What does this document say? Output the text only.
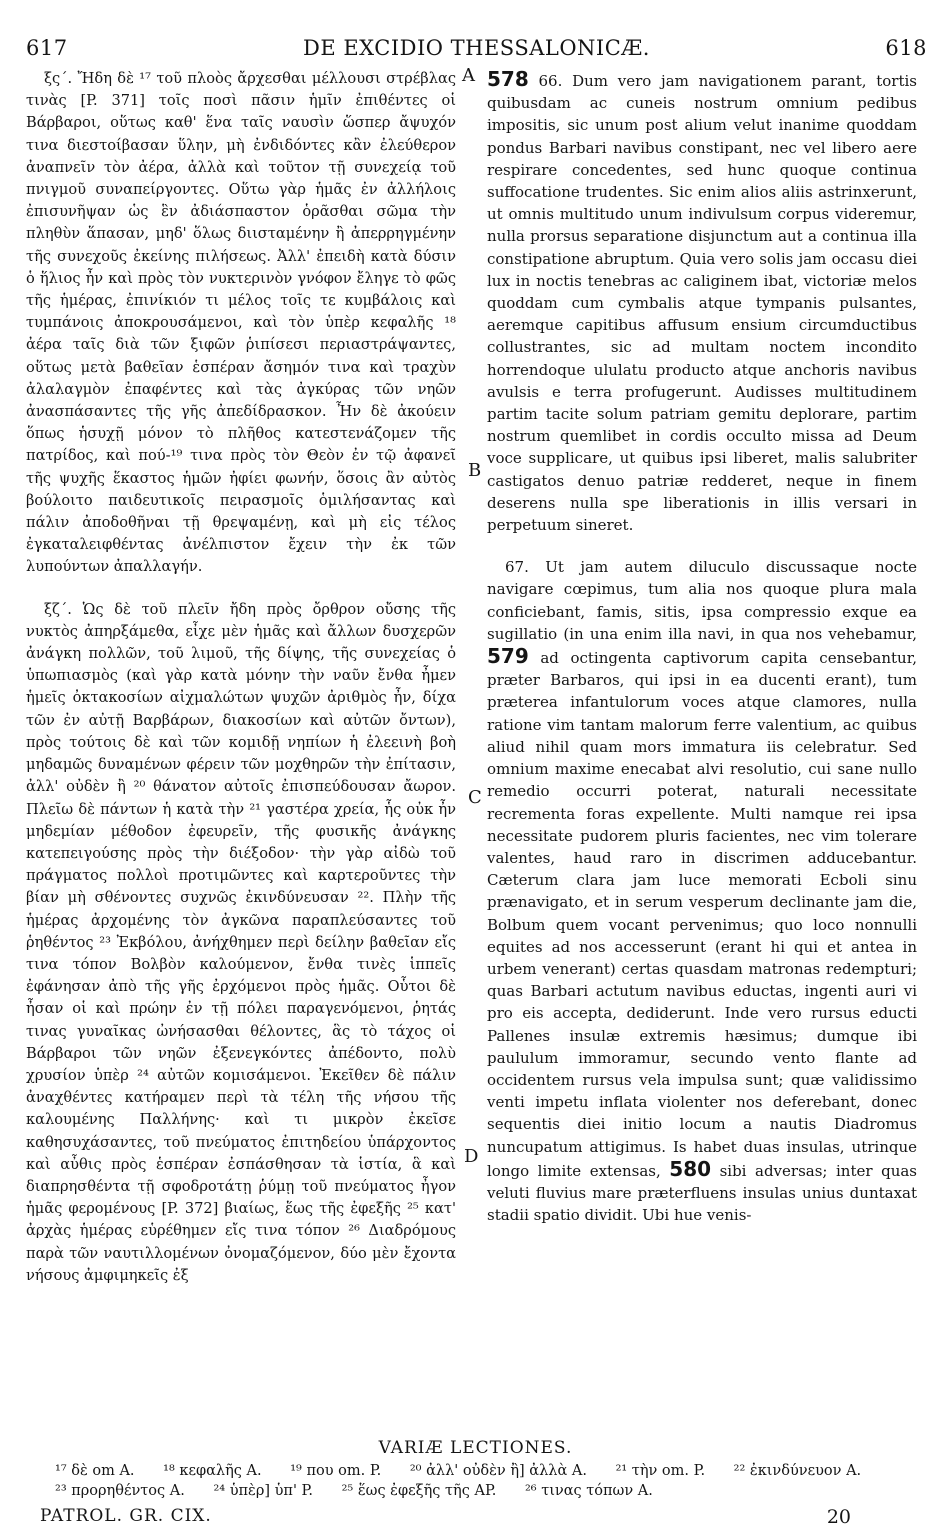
617	DE EXCIDIO THESSALONICÆ.	618

ξς΄. Ἤδη δὲ ¹⁷ τοῦ πλοὸς ἄρχεσθαι μέλλουσι στρέβλας τινὰς [P. 371] τοῖς ποσὶ πᾶσιν ἡμῖν ἐπιθέντες οἱ Βάρβαροι, οὕτως καθ' ἕνα ταῖς ναυσὶν ὥσπερ ἄψυχόν τινα διεστοίβασαν ὕλην, μὴ ἐνδιδόντες κἂν ἐλεύθερον ἀναπνεῖν τὸν ἀέρα, ἀλλὰ καὶ τοῦτον τῇ συνεχείᾳ τοῦ πνιγμοῦ συναπείργοντες. Οὕτω γὰρ ἡμᾶς ἐν ἀλλήλοις ἐπισυνῆψαν ὡς ἓν ἀδιάσπαστον ὁρᾶσθαι σῶμα τὴν πληθὺν ἅπασαν, μηδ' ὅλως διισταμένην ἢ ἀπερρηγμένην τῆς συνεχοῦς ἐκείνης πιλήσεως. Ἀλλ' ἐπειδὴ κατὰ δύσιν ὁ ἥλιος ἦν καὶ πρὸς τὸν νυκτερινὸν γνόφον ἔληγε τὸ φῶς τῆς ἡμέρας, ἐπινίκιόν τι μέλος τοῖς τε κυμβάλοις καὶ τυμπάνοις ἀποκρουσάμενοι, καὶ τὸν ὑπὲρ κεφαλῆς ¹⁸ ἀέρα ταῖς διὰ τῶν ξιφῶν ῥιπίσεσι περιαστράψαντες, οὕτως μετὰ βαθεῖαν ἑσπέραν ἄσημόν τινα καὶ τραχὺν ἀλαλαγμὸν ἐπαφέντες καὶ τὰς ἀγκύρας τῶν νηῶν ἀνασπάσαντες τῆς γῆς ἀπεδίδρασκον. Ἦν δὲ ἀκούειν ὅπως ἡσυχῇ μόνον τὸ πλῆθος κατεστενάζομεν τῆς πατρίδος, καὶ πού-¹⁹ τινα πρὸς τὸν Θεὸν ἐν τῷ ἀφανεῖ τῆς ψυχῆς ἕκαστος ἡμῶν ἠφίει φωνήν, ὅσοις ἂν αὐτὸς βούλοιτο παιδευτικοῖς πειρασμοῖς ὁμιλήσαντας καὶ πάλιν ἀποδοθῆναι τῇ θρεψαμένῃ, καὶ μὴ εἰς τέλος ἐγκαταλειφθέντας ἀνέλπιστον ἔχειν τὴν ἐκ τῶν λυπούντων ἀπαλλαγήν.

ξζ΄. Ὡς δὲ τοῦ πλεῖν ἤδη πρὸς ὄρθρον οὔσης τῆς νυκτὸς ἀπηρξάμεθα, εἶχε μὲν ἡμᾶς καὶ ἄλλων δυσχερῶν ἀνάγκη πολλῶν, τοῦ λιμοῦ, τῆς δίψης, τῆς συνεχείας ὁ ὑπωπιασμὸς (καὶ γὰρ κατὰ μόνην τὴν ναῦν ἔνθα ἦμεν ἡμεῖς ὀκτακοσίων αἰχμαλώτων ψυχῶν ἀριθμὸς ἦν, δίχα τῶν ἐν αὐτῇ Βαρβάρων, διακοσίων καὶ αὐτῶν ὄντων), πρὸς τούτοις δὲ καὶ τῶν κομιδῇ νηπίων ἡ ἐλεεινὴ βοὴ μηδαμῶς δυναμένων φέρειν τῶν μοχθηρῶν τὴν ἐπίτασιν, ἀλλ' οὐδὲν ἢ ²⁰ θάνατον αὐτοῖς ἐπισπεύδουσαν ἄωρον. Πλεῖω δὲ πάντων ἡ κατὰ τὴν ²¹ γαστέρα χρεία, ἧς οὐκ ἦν μηδεμίαν μέθοδον ἐφευρεῖν, τῆς φυσικῆς ἀνάγκης κατεπειγούσης πρὸς τὴν διέξοδον· τὴν γὰρ αἰδὼ τοῦ πράγματος πολλοὶ προτιμῶντες καὶ καρτεροῦντες τὴν βίαν μὴ σθένοντες συχνῶς ἐκινδύνευσαν ²². Πλὴν τῆς ἡμέρας ἀρχομένης τὸν ἀγκῶνα παραπλεύσαντες τοῦ ῥηθέντος ²³ Ἐκβόλου, ἀνήχθημεν περὶ δείλην βαθεῖαν εἴς τινα τόπον Βολβὸν καλούμενον, ἔνθα τινὲς ἱππεῖς ἐφάνησαν ἀπὸ τῆς γῆς ἐρχόμενοι πρὸς ἡμᾶς. Οὗτοι δὲ ἦσαν οἱ καὶ πρώην ἐν τῇ πόλει παραγενόμενοι, ῥητάς τινας γυναῖκας ὠνήσασθαι θέλοντες, ἃς τὸ τάχος οἱ Βάρβαροι τῶν νηῶν ἐξενεγκόντες ἀπέδοντο, πολὺ χρυσίον ὑπὲρ ²⁴ αὐτῶν κομισάμενοι. Ἐκεῖθεν δὲ πάλιν ἀναχθέντες κατήραμεν περὶ τὰ τέλη τῆς νήσου τῆς καλουμένης Παλλήνης· καὶ τι μικρὸν ἐκεῖσε καθησυχάσαντες, τοῦ πνεύματος ἐπιτηδείου ὑπάρχοντος καὶ αὖθις πρὸς ἑσπέραν ἐσπάσθησαν τὰ ἱστία, ἃ καὶ διαπρησθέντα τῇ σφοδροτάτῃ ῥύμῃ τοῦ πνεύματος ἦγον ἡμᾶς φερομένους [P. 372] βιαίως, ἕως τῆς ἐφεξῆς ²⁵ κατ' ἀρχὰς ἡμέρας εὑρέθημεν εἴς τινα τόπον ²⁶ Διαδρόμους παρὰ τῶν ναυτιλλομένων ὀνομαζόμενον, δύο μὲν ἔχοντα νήσους ἀμφιμηκεῖς ἐξ

A
B
C
D

578 66. Dum vero jam navigationem parant, tortis quibusdam ac cuneis nostrum omnium pedibus impositis, sic unum post alium velut inanime quoddam pondus Barbari navibus constipant, nec vel libero aere respirare concedentes, sed hunc quoque continua suffocatione trudentes. Sic enim alios aliis astrinxerunt, ut omnis multitudo unum indivulsum corpus videremur, nulla prorsus separatione disjunctum aut a continua illa constipatione abruptum. Quia vero solis jam occasu diei lux in noctis tenebras ac caliginem ibat, victoriæ melos quoddam cum cymbalis atque tympanis pulsantes, aeremque capitibus affusum ensium circumductibus collustrantes, sic ad multam noctem incondito horrendoque ululatu producto atque anchoris navibus avulsis e terra profugerunt. Audisses multitudinem partim tacite solum patriam gemitu deplorare, partim nostrum quemlibet in cordis occulto missa ad Deum voce supplicare, ut quibus ipsi liberet, malis salubriter castigatos denuo patriæ redderet, neque in finem deserens nulla spe liberationis in illis versari in perpetuum sineret.

67. Ut jam autem diluculo discussaque nocte navigare cœpimus, tum alia nos quoque plura mala conficiebant, famis, sitis, ipsa compressio exque ea sugillatio (in una enim illa navi, in qua nos vehebamur, 579 ad octingenta captivorum capita censebantur, præter Barbaros, qui ipsi in ea ducenti erant), tum præterea infantulorum voces atque clamores, nulla ratione vim tantam malorum ferre valentium, ac quibus aliud nihil quam mors immatura iis celebratur. Sed omnium maxime enecabat alvi resolutio, cui sane nullo remedio occurri poterat, naturali necessitate recrementa foras expellente. Multi namque rei ipsa necessitate pudorem pluris facientes, nec vim tolerare valentes, haud raro in discrimen adducebantur. Cæterum clara jam luce memorati Ecboli sinu prænavigato, et in serum vesperum declinante jam die, Bolbum quem vocant pervenimus; quo loco nonnulli equites ad nos accesserunt (erant hi qui et antea in urbem venerant) certas quasdam matronas redempturi; quas Barbari actutum navibus eductas, ingenti auri vi pro eis accepta, dediderunt. Inde vero rursus educti Pallenes insulæ extremis hæsimus; dumque ibi paululum immoramur, secundo vento flante ad occidentem rursus vela impulsa sunt; quæ validissimo venti impetu inflata violenter nos deferebant, donec sequentis diei initio locum a nautis Diadromus nuncupatum attigimus. Is habet duas insulas, utrinque longo limite extensas, 580 sibi adversas; inter quas veluti fluvius mare præterfluens insulas unius duntaxat stadii spatio dividit. Ubi hue venis-

VARIÆ LECTIONES.

¹⁷ δὲ om A. ¹⁸ κεφαλῆς A. ¹⁹ που om. P. ²⁰ ἀλλ' οὐδὲν ἢ] ἀλλὰ A. ²¹ τὴν om. P. ²² ἐκινδύνευον A.

²³ προρηθέντος A. ²⁴ ὑπὲρ] ὑπ' P. ²⁵ ἕως ἐφεξῆς τῆς AP. ²⁶ τινας τόπων A.

PATROL. GR. CIX.	20
